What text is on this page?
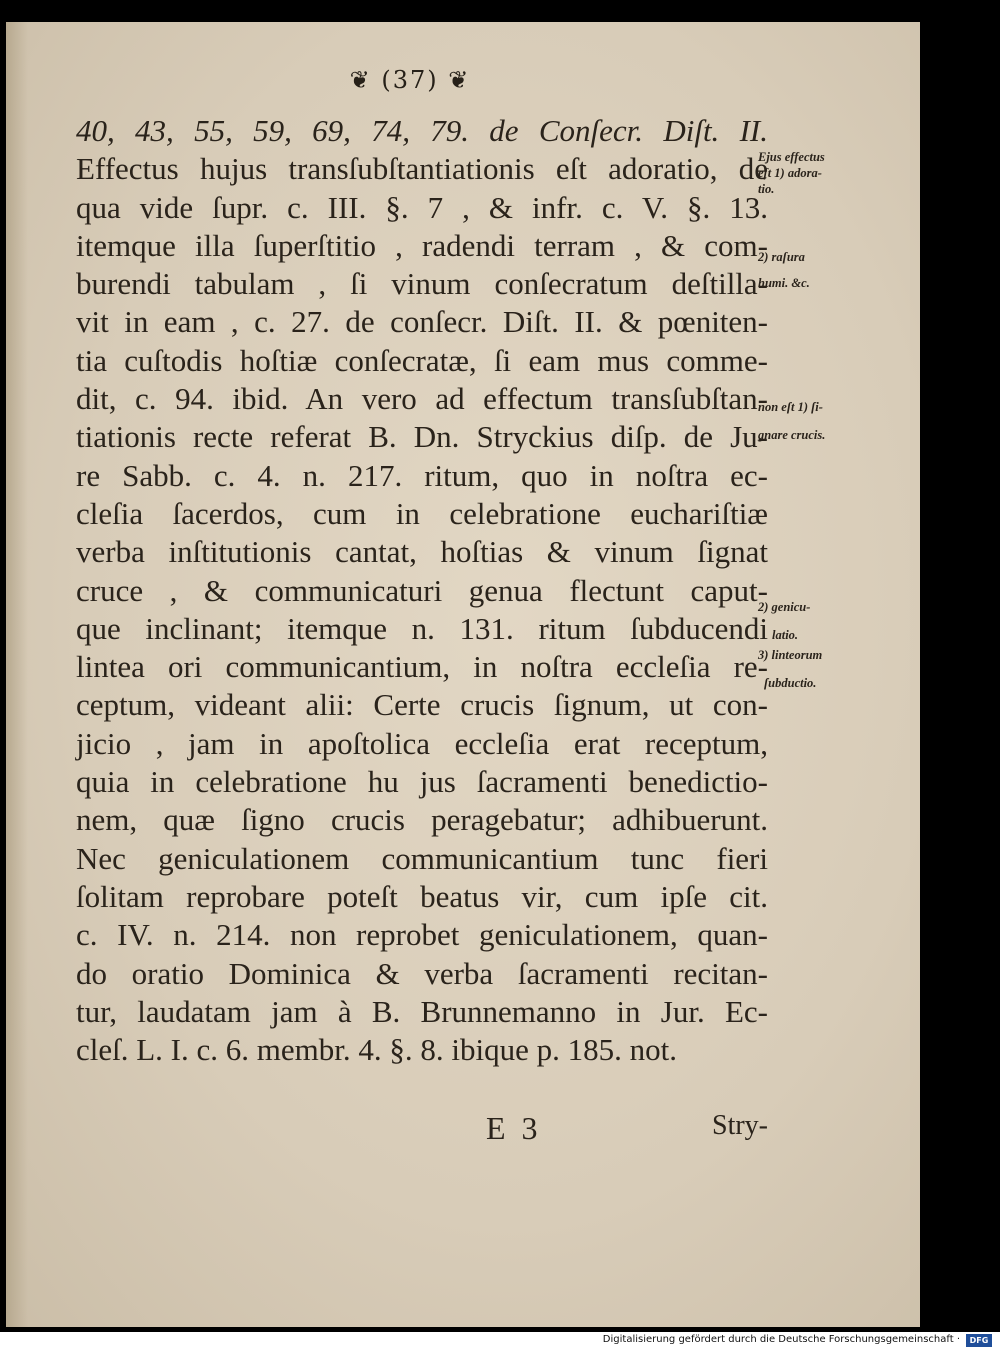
❦ (37) ❦
40, 43, 55, 59, 69, 74, 79. de Conſecr. Diſt. II.
Effectus hujus transſubſtantiationis eſt adoratio, de
qua vide ſupr. c. III. §. 7 , & infr. c. V. §. 13.
itemque illa ſuperſtitio , radendi terram , & com-
burendi tabulam , ſi vinum conſecratum deſtilla-
vit in eam , c. 27. de conſecr. Diſt. II. & pœniten-
tia cuſtodis hoſtiæ conſecratæ, ſi eam mus comme-
dit, c. 94. ibid. An vero ad effectum transſubſtan-
tiationis recte referat B. Dn. Stryckius diſp. de Ju-
re Sabb. c. 4. n. 217. ritum, quo in noſtra ec-
cleſia ſacerdos, cum in celebratione euchariſtiæ
verba inſtitutionis cantat, hoſtias & vinum ſignat
cruce , & communicaturi genua flectunt caput-
que inclinant; itemque n. 131. ritum ſubducendi
lintea ori communicantium, in noſtra eccleſia re-
ceptum, videant alii: Certe crucis ſignum, ut con-
jicio , jam in apoſtolica eccleſia erat receptum,
quia in celebratione hu jus ſacramenti benedictio-
nem, quæ ſigno crucis peragebatur; adhibuerunt.
Nec geniculationem communicantium tunc fieri
ſolitam reprobare poteſt beatus vir, cum ipſe cit.
c. IV. n. 214. non reprobet geniculationem, quan-
do oratio Dominica & verba ſacramenti recitan-
tur, laudatam jam à B. Brunnemanno in Jur. Ec-
cleſ. L. I. c. 6. membr. 4. §. 8. ibique p. 185. not.
Ejus effectus
eſt 1) adora-
tio.
2) raſura
humi. &c.
non eſt 1) ſi-
gnare crucis.
2) genicu-
latio.
3) linteorum
ſubductio.
E 3	Stry-
Digitalisierung gefördert durch die Deutsche Forschungsgemeinschaft ·	DFG
